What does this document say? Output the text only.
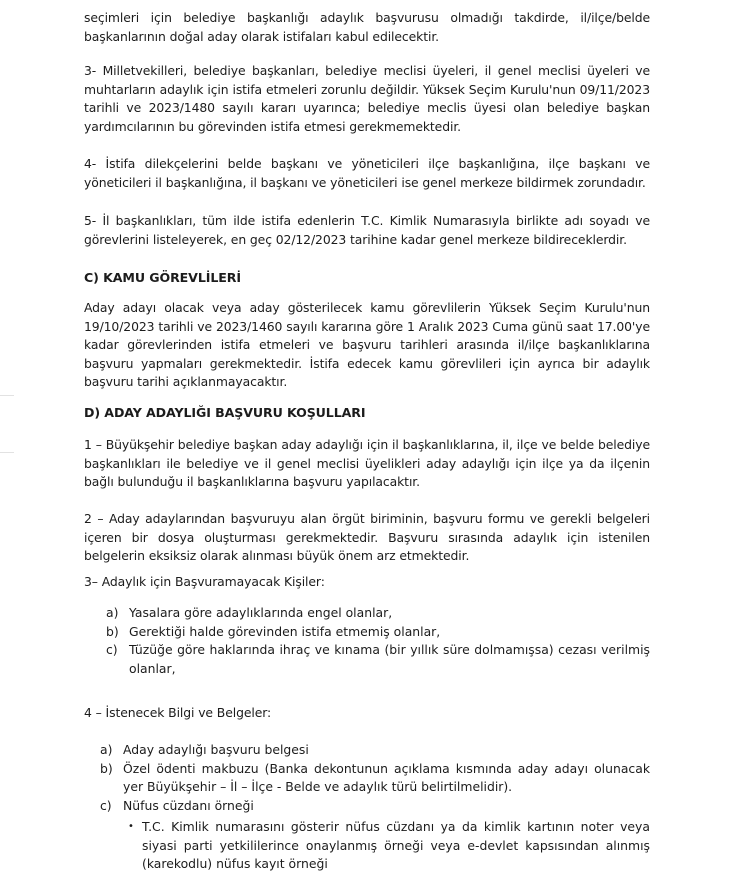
seçimleri için belediye başkanlığı adaylık başvurusu olmadığı takdirde, il/ilçe/belde başkanlarının doğal aday olarak istifaları kabul edilecektir.

3- Milletvekilleri, belediye başkanları, belediye meclisi üyeleri, il genel meclisi üyeleri ve muhtarların adaylık için istifa etmeleri zorunlu değildir. Yüksek Seçim Kurulu'nun 09/11/2023 tarihli ve 2023/1480 sayılı kararı uyarınca; belediye meclis üyesi olan belediye başkan yardımcılarının bu görevinden istifa etmesi gerekmemektedir.

4- İstifa dilekçelerini belde başkanı ve yöneticileri ilçe başkanlığına, ilçe başkanı ve yöneticileri il başkanlığına, il başkanı ve yöneticileri ise genel merkeze bildirmek zorundadır.

5- İl başkanlıkları, tüm ilde istifa edenlerin T.C. Kimlik Numarasıyla birlikte adı soyadı ve görevlerini listeleyerek, en geç 02/12/2023 tarihine kadar genel merkeze bildireceklerdir.

C) KAMU GÖREVLİLERİ

Aday adayı olacak veya aday gösterilecek kamu görevlilerin Yüksek Seçim Kurulu'nun 19/10/2023 tarihli ve 2023/1460 sayılı kararına göre 1 Aralık 2023 Cuma günü saat 17.00'ye kadar görevlerinden istifa etmeleri ve başvuru tarihleri arasında il/ilçe başkanlıklarına başvuru yapmaları gerekmektedir. İstifa edecek kamu görevlileri için ayrıca bir adaylık başvuru tarihi açıklanmayacaktır.

D) ADAY ADAYLIĞI BAŞVURU KOŞULLARI

1 – Büyükşehir belediye başkan aday adaylığı için il başkanlıklarına, il, ilçe ve belde belediye başkanlıkları ile belediye ve il genel meclisi üyelikleri aday adaylığı için ilçe ya da ilçenin bağlı bulunduğu il başkanlıklarına başvuru yapılacaktır.

2 – Aday adaylarından başvuruyu alan örgüt biriminin, başvuru formu ve gerekli belgeleri içeren bir dosya oluşturması gerekmektedir. Başvuru sırasında adaylık için istenilen belgelerin eksiksiz olarak alınması büyük önem arz etmektedir.

3– Adaylık için Başvuramayacak Kişiler:

a) Yasalara göre adaylıklarında engel olanlar,
b) Gerektiği halde görevinden istifa etmemiş olanlar,
c) Tüzüğe göre haklarında ihraç ve kınama (bir yıllık süre dolmamışsa) cezası verilmiş olanlar,

4 – İstenecek Bilgi ve Belgeler:

a) Aday adaylığı başvuru belgesi
b) Özel ödenti makbuzu (Banka dekontunun açıklama kısmında aday adayı olunacak yer Büyükşehir – İl – İlçe - Belde ve adaylık türü belirtilmelidir).
c) Nüfus cüzdanı örneği
• T.C. Kimlik numarasını gösterir nüfus cüzdanı ya da kimlik kartının noter veya siyasi parti yetkililerince onaylanmış örneği veya e-devlet kapsısından alınmış (karekodlu) nüfus kayıt örneği
